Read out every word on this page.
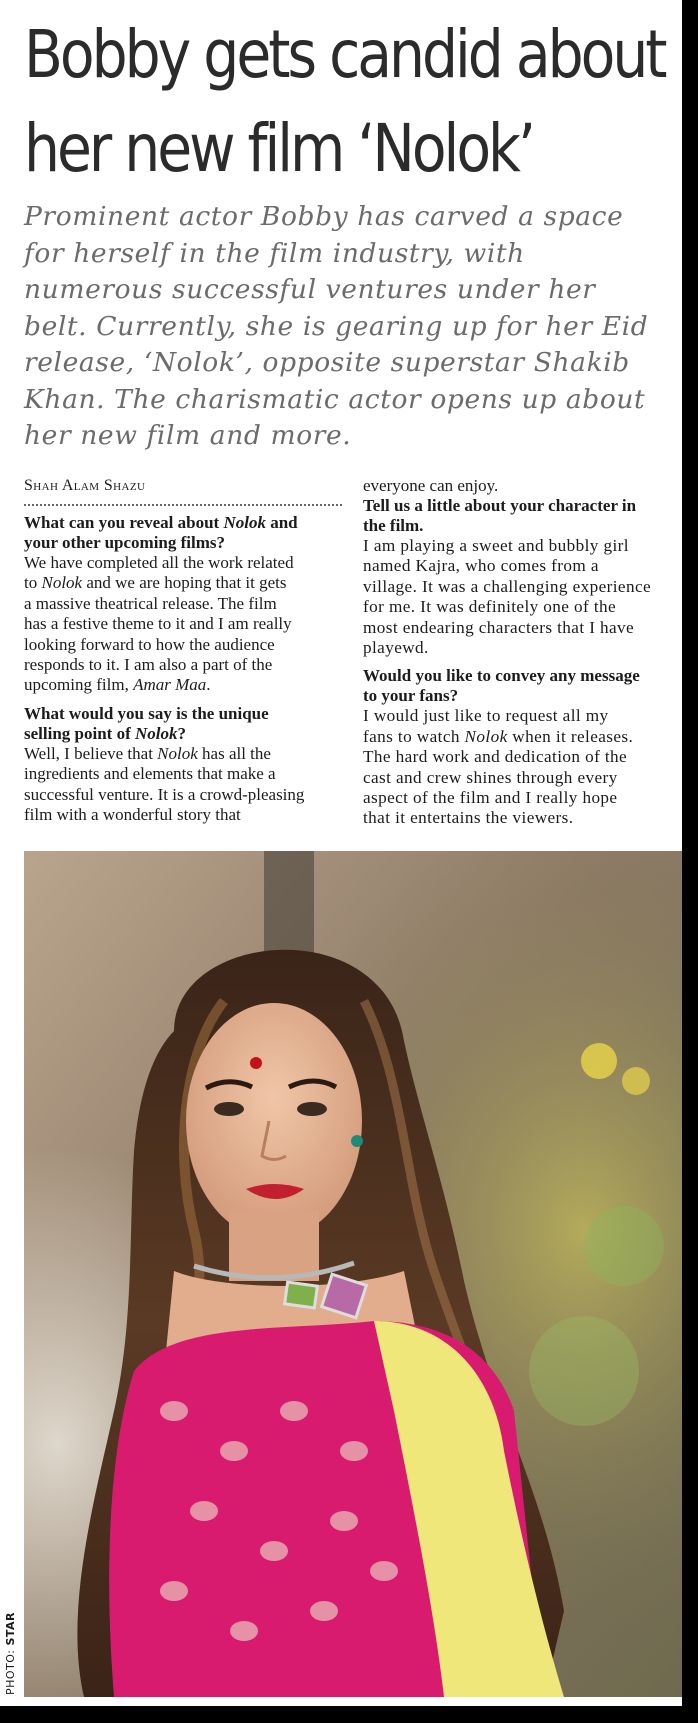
Bobby gets candid about
her new film ‘Nolok’

Prominent actor Bobby has carved a space
for herself in the film industry, with
numerous successful ventures under her
belt. Currently, she is gearing up for her Eid
release, ‘Nolok’, opposite superstar Shakib
Khan. The charismatic actor opens up about
her new film and more.

Shah Alam Shazu
What can you reveal about Nolok and
your other upcoming films?
We have completed all the work related
to Nolok and we are hoping that it gets
a massive theatrical release. The film
has a festive theme to it and I am really
looking forward to how the audience
responds to it. I am also a part of the
upcoming film, Amar Maa.
What would you say is the unique
selling point of Nolok?
Well, I believe that Nolok has all the
ingredients and elements that make a
successful venture. It is a crowd-pleasing
film with a wonderful story that
everyone can enjoy.
Tell us a little about your character in
the film.
I am playing a sweet and bubbly girl
named Kajra, who comes from a
village. It was a challenging experience
for me. It was definitely one of the
most endearing characters that I have
playewd.
Would you like to convey any message
to your fans?
I would just like to request all my
fans to watch Nolok when it releases.
The hard work and dedication of the
cast and crew shines through every
aspect of the film and I really hope
that it entertains the viewers.
PHOTO: STAR
